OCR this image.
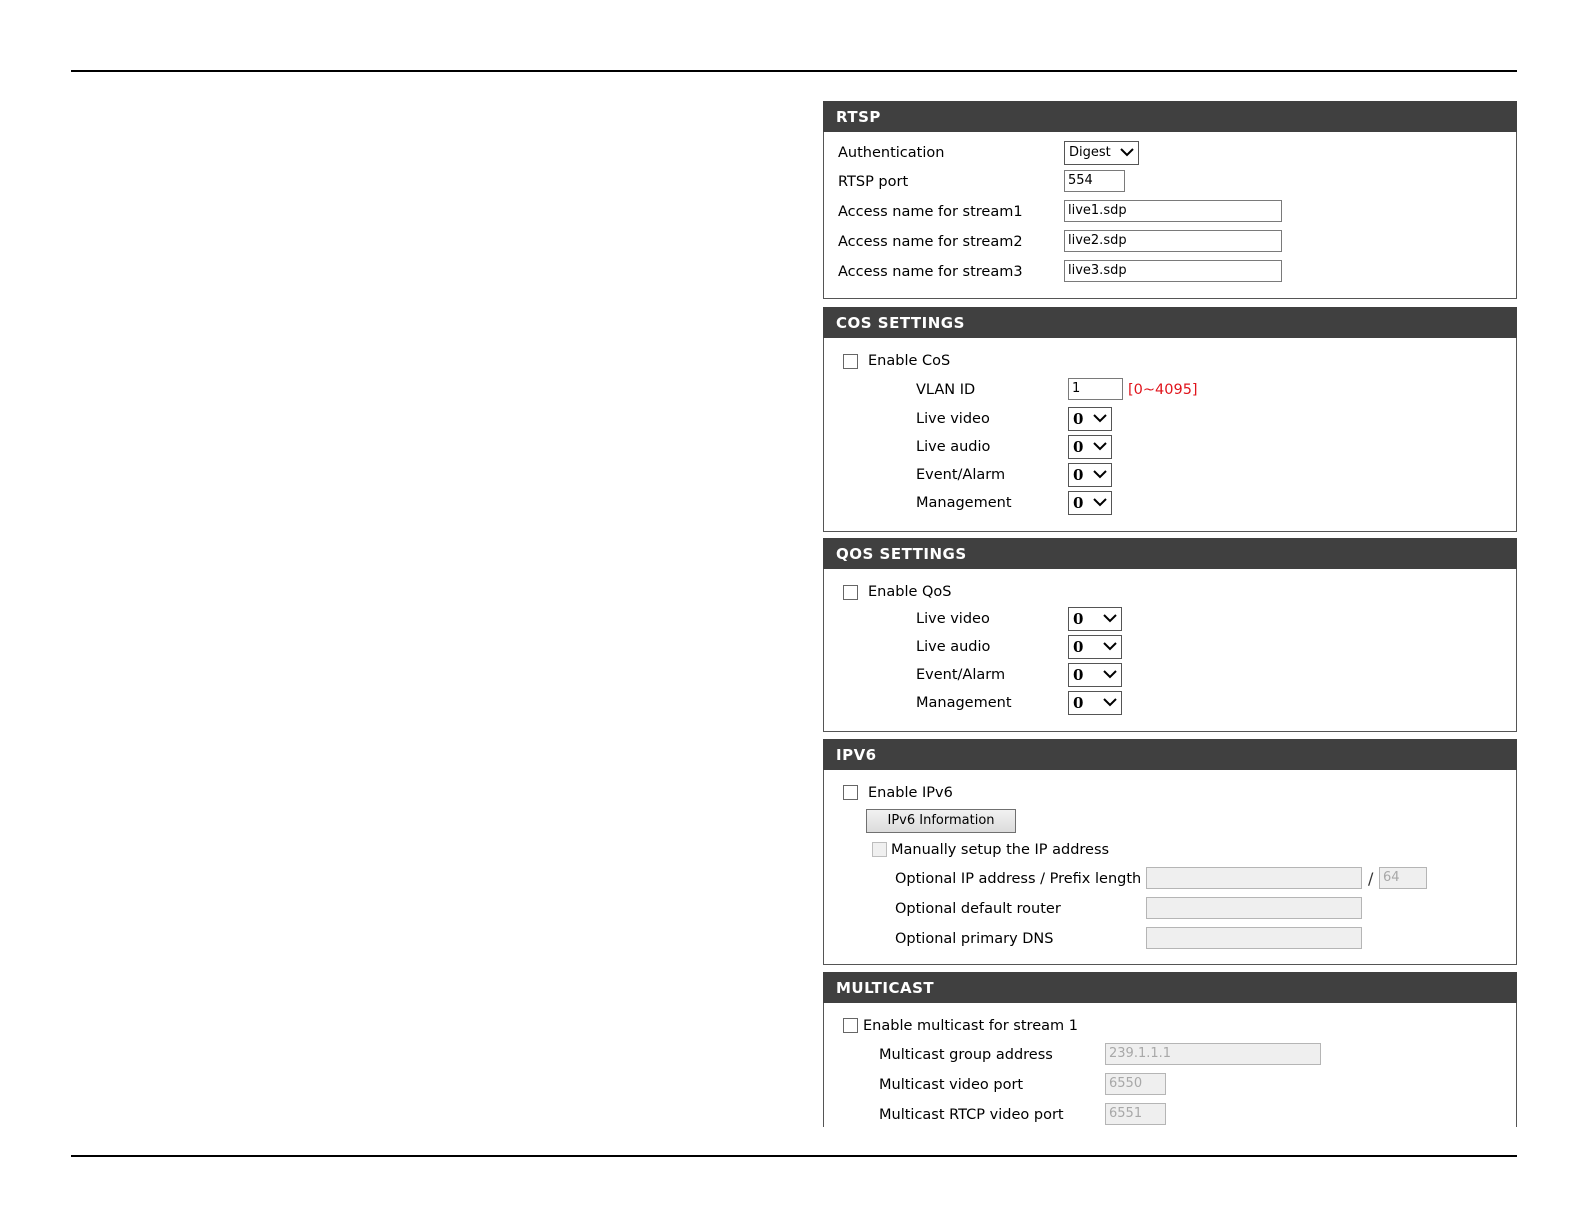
RTSP
Authentication	Digest
RTSP port	554
Access name for stream1	live1.sdp
Access name for stream2	live2.sdp
Access name for stream3	live3.sdp
COS SETTINGS
Enable CoS
VLAN ID	1	[0~4095]
Live video	0
Live audio	0
Event/Alarm	0
Management	0
QOS SETTINGS
Enable QoS
Live video	0
Live audio	0
Event/Alarm	0
Management	0
IPV6
Enable IPv6
IPv6 Information
Manually setup the IP address
Optional IP address / Prefix length	/ 64
Optional default router
Optional primary DNS
MULTICAST
Enable multicast for stream 1
Multicast group address	239.1.1.1
Multicast video port	6550
Multicast RTCP video port	6551
